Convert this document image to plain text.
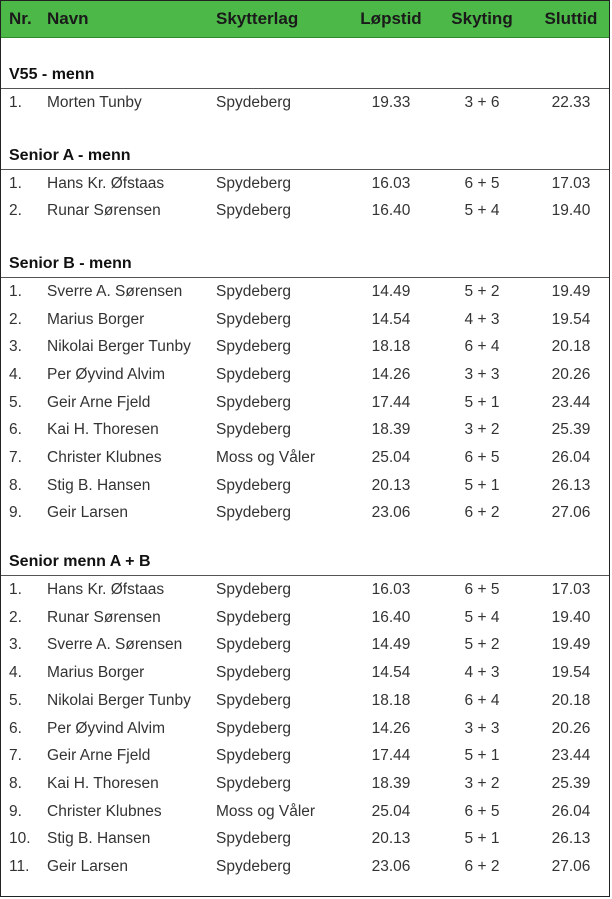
Nr. Navn	Skytterlag	Løpstid	Skyting	Sluttid
V55 - menn
1.	Morten Tunby	Spydeberg	19.33	3 + 6	22.33
Senior A - menn
1.	Hans Kr. Øfstaas	Spydeberg	16.03	6 + 5	17.03
2.	Runar Sørensen	Spydeberg	16.40	5 + 4	19.40
Senior B - menn
1.	Sverre A. Sørensen	Spydeberg	14.49	5 + 2	19.49
2.	Marius Borger	Spydeberg	14.54	4 + 3	19.54
3.	Nikolai Berger Tunby	Spydeberg	18.18	6 + 4	20.18
4.	Per Øyvind Alvim	Spydeberg	14.26	3 + 3	20.26
5.	Geir Arne Fjeld	Spydeberg	17.44	5 + 1	23.44
6.	Kai H. Thoresen	Spydeberg	18.39	3 + 2	25.39
7.	Christer Klubnes	Moss og Våler	25.04	6 + 5	26.04
8.	Stig B. Hansen	Spydeberg	20.13	5 + 1	26.13
9.	Geir Larsen	Spydeberg	23.06	6 + 2	27.06
Senior menn A + B
1.	Hans Kr. Øfstaas	Spydeberg	16.03	6 + 5	17.03
2.	Runar Sørensen	Spydeberg	16.40	5 + 4	19.40
3.	Sverre A. Sørensen	Spydeberg	14.49	5 + 2	19.49
4.	Marius Borger	Spydeberg	14.54	4 + 3	19.54
5.	Nikolai Berger Tunby	Spydeberg	18.18	6 + 4	20.18
6.	Per Øyvind Alvim	Spydeberg	14.26	3 + 3	20.26
7.	Geir Arne Fjeld	Spydeberg	17.44	5 + 1	23.44
8.	Kai H. Thoresen	Spydeberg	18.39	3 + 2	25.39
9.	Christer Klubnes	Moss og Våler	25.04	6 + 5	26.04
10.	Stig B. Hansen	Spydeberg	20.13	5 + 1	26.13
11.	Geir Larsen	Spydeberg	23.06	6 + 2	27.06
